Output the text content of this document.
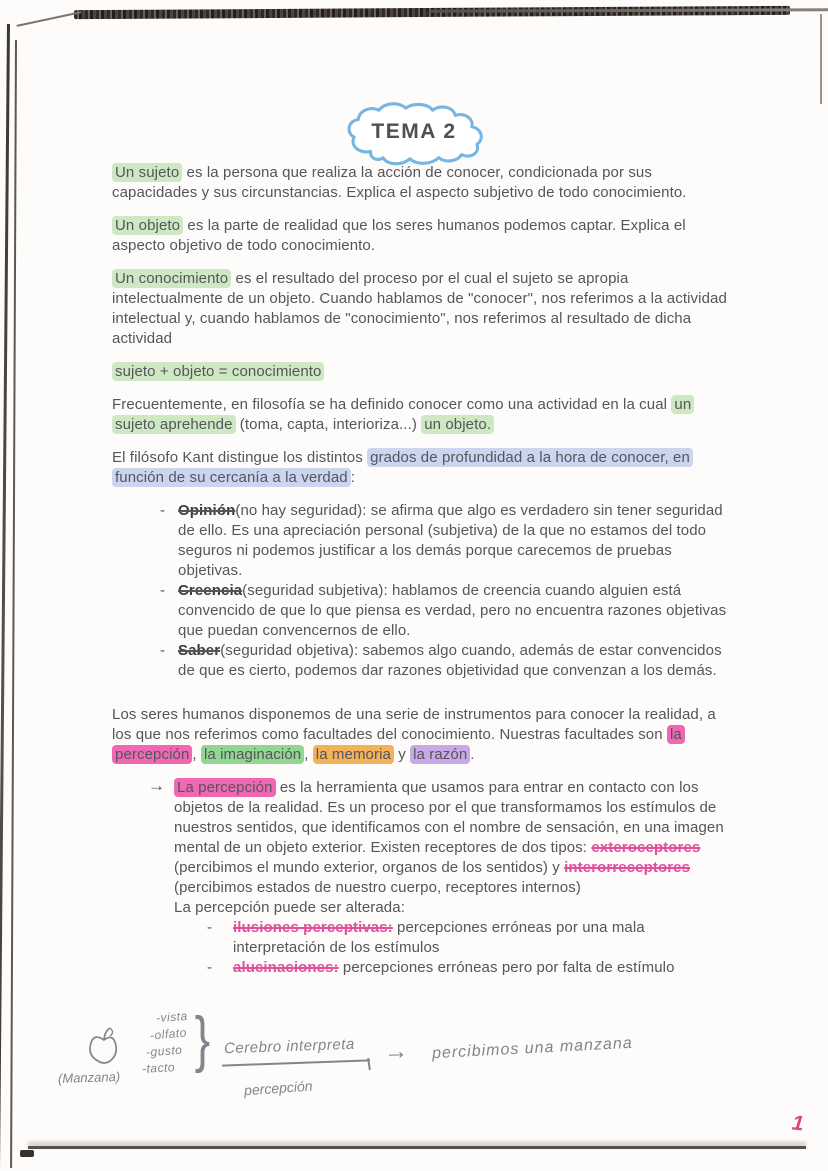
TEMA 2
Un sujeto es la persona que realiza la acción de conocer, condicionada por sus capacidades y sus circunstancias. Explica el aspecto subjetivo de todo conocimiento.
Un objeto es la parte de realidad que los seres humanos podemos captar. Explica el aspecto objetivo de todo conocimiento.
Un conocimiento es el resultado del proceso por el cual el sujeto se apropia intelectualmente de un objeto. Cuando hablamos de "conocer", nos referimos a la actividad intelectual y, cuando hablamos de "conocimiento", nos referimos al resultado de dicha actividad
sujeto + objeto = conocimiento
Frecuentemente, en filosofía se ha definido conocer como una actividad en la cual un sujeto aprehende (toma, capta, interioriza...) un objeto.
El filósofo Kant distingue los distintos grados de profundidad a la hora de conocer, en función de su cercanía a la verdad :
- Opinión(no hay seguridad): se afirma que algo es verdadero sin tener seguridad de ello. Es una apreciación personal (subjetiva) de la que no estamos del todo seguros ni podemos justificar a los demás porque carecemos de pruebas objetivas.
- Creencia(seguridad subjetiva): hablamos de creencia cuando alguien está convencido de que lo que piensa es verdad, pero no encuentra razones objetivas que puedan convencernos de ello.
- Saber(seguridad objetiva): sabemos algo cuando, además de estar convencidos de que es cierto, podemos dar razones objetividad que convenzan a los demás.
Los seres humanos disponemos de una serie de instrumentos para conocer la realidad, a los que nos referimos como facultades del conocimiento. Nuestras facultades son la percepción , la imaginación , la memoria y la razón .
→ La percepción es la herramienta que usamos para entrar en contacto con los objetos de la realidad. Es un proceso por el que transformamos los estímulos de nuestros sentidos, que identificamos con el nombre de sensación, en una imagen mental de un objeto exterior. Existen receptores de dos tipos: exteroceptores (percibimos el mundo exterior, organos de los sentidos) y interorreceptores (percibimos estados de nuestro cuerpo, receptores internos)
La percepción puede ser alterada:
- ilusiones perceptivas: percepciones erróneas por una mala interpretación de los estímulos
- alucinaciones: percepciones erróneas pero por falta de estímulo
(Manzana)
-vista
-olfato
-gusto
-tacto } Cerebro interpreta
percepción
→ percibimos una manzana
1
